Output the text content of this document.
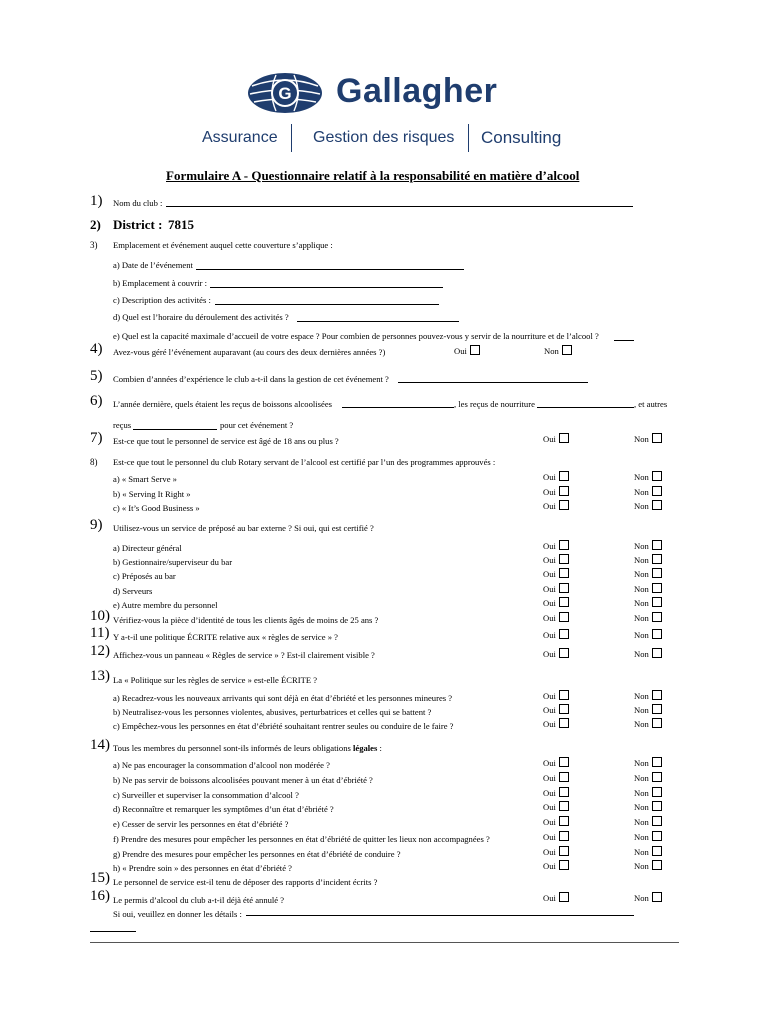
G Gallagher
Assurance Gestion des risques Consulting
Formulaire A - Questionnaire relatif à la responsabilité en matière d’alcool
1) Nom du club :
2) District : 7815
3) Emplacement et événement auquel cette couverture s’applique :
a) Date de l’événement
b) Emplacement à couvrir :
c) Description des activités :
d) Quel est l’horaire du déroulement des activités ?
e) Quel est la capacité maximale d’accueil de votre espace ? Pour combien de personnes pouvez-vous y servir de la nourriture et de l’alcool ?
4) Avez-vous géré l’événement auparavant (au cours des deux dernières années ?)	Oui	Non
5) Combien d’années d’expérience le club a-t-il dans la gestion de cet événement ?
6) L’année dernière, quels étaient les reçus de boissons alcoolisées	, les reçus de nourriture	, et autres
reçus	pour cet événement ?
7) Est-ce que tout le personnel de service est âgé de 18 ans ou plus ?	Oui	Non
8) Est-ce que tout le personnel du club Rotary servant de l’alcool est certifié par l’un des programmes approuvés :
a) « Smart Serve »	Oui	Non
b) « Serving It Right »	Oui	Non
c) « It’s Good Business »	Oui	Non
9) Utilisez-vous un service de préposé au bar externe ? Si oui, qui est certifié ?
a) Directeur général	Oui	Non
b) Gestionnaire/superviseur du bar	Oui	Non
c) Préposés au bar	Oui	Non
d) Serveurs	Oui	Non
e) Autre membre du personnel	Oui	Non
10) Vérifiez-vous la pièce d’identité de tous les clients âgés de moins de 25 ans ?	Oui	Non
11) Y a-t-il une politique ÉCRITE relative aux « règles de service » ?	Oui	Non
12) Affichez-vous un panneau « Règles de service » ? Est-il clairement visible ?	Oui	Non
13) La « Politique sur les règles de service » est-elle ÉCRITE ?
a) Recadrez-vous les nouveaux arrivants qui sont déjà en état d’ébriété et les personnes mineures ?	Oui	Non
b) Neutralisez-vous les personnes violentes, abusives, perturbatrices et celles qui se battent ?	Oui	Non
c) Empêchez-vous les personnes en état d’ébriété souhaitant rentrer seules ou conduire de le faire ?	Oui	Non
14) Tous les membres du personnel sont-ils informés de leurs obligations légales :
a) Ne pas encourager la consommation d’alcool non modérée ?	Oui	Non
b) Ne pas servir de boissons alcoolisées pouvant mener à un état d’ébriété ?	Oui	Non
c) Surveiller et superviser la consommation d’alcool ?	Oui	Non
d) Reconnaître et remarquer les symptômes d’un état d’ébriété ?	Oui	Non
e) Cesser de servir les personnes en état d’ébriété ?	Oui	Non
f) Prendre des mesures pour empêcher les personnes en état d’ébriété de quitter les lieux non accompagnées ?	Oui	Non
g) Prendre des mesures pour empêcher les personnes en état d’ébriété de conduire ?	Oui	Non
h) « Prendre soin » des personnes en état d’ébriété ?	Oui	Non
15) Le personnel de service est-il tenu de déposer des rapports d’incident écrits ?
16) Le permis d’alcool du club a-t-il déjà été annulé ?	Oui	Non
Si oui, veuillez en donner les détails :
